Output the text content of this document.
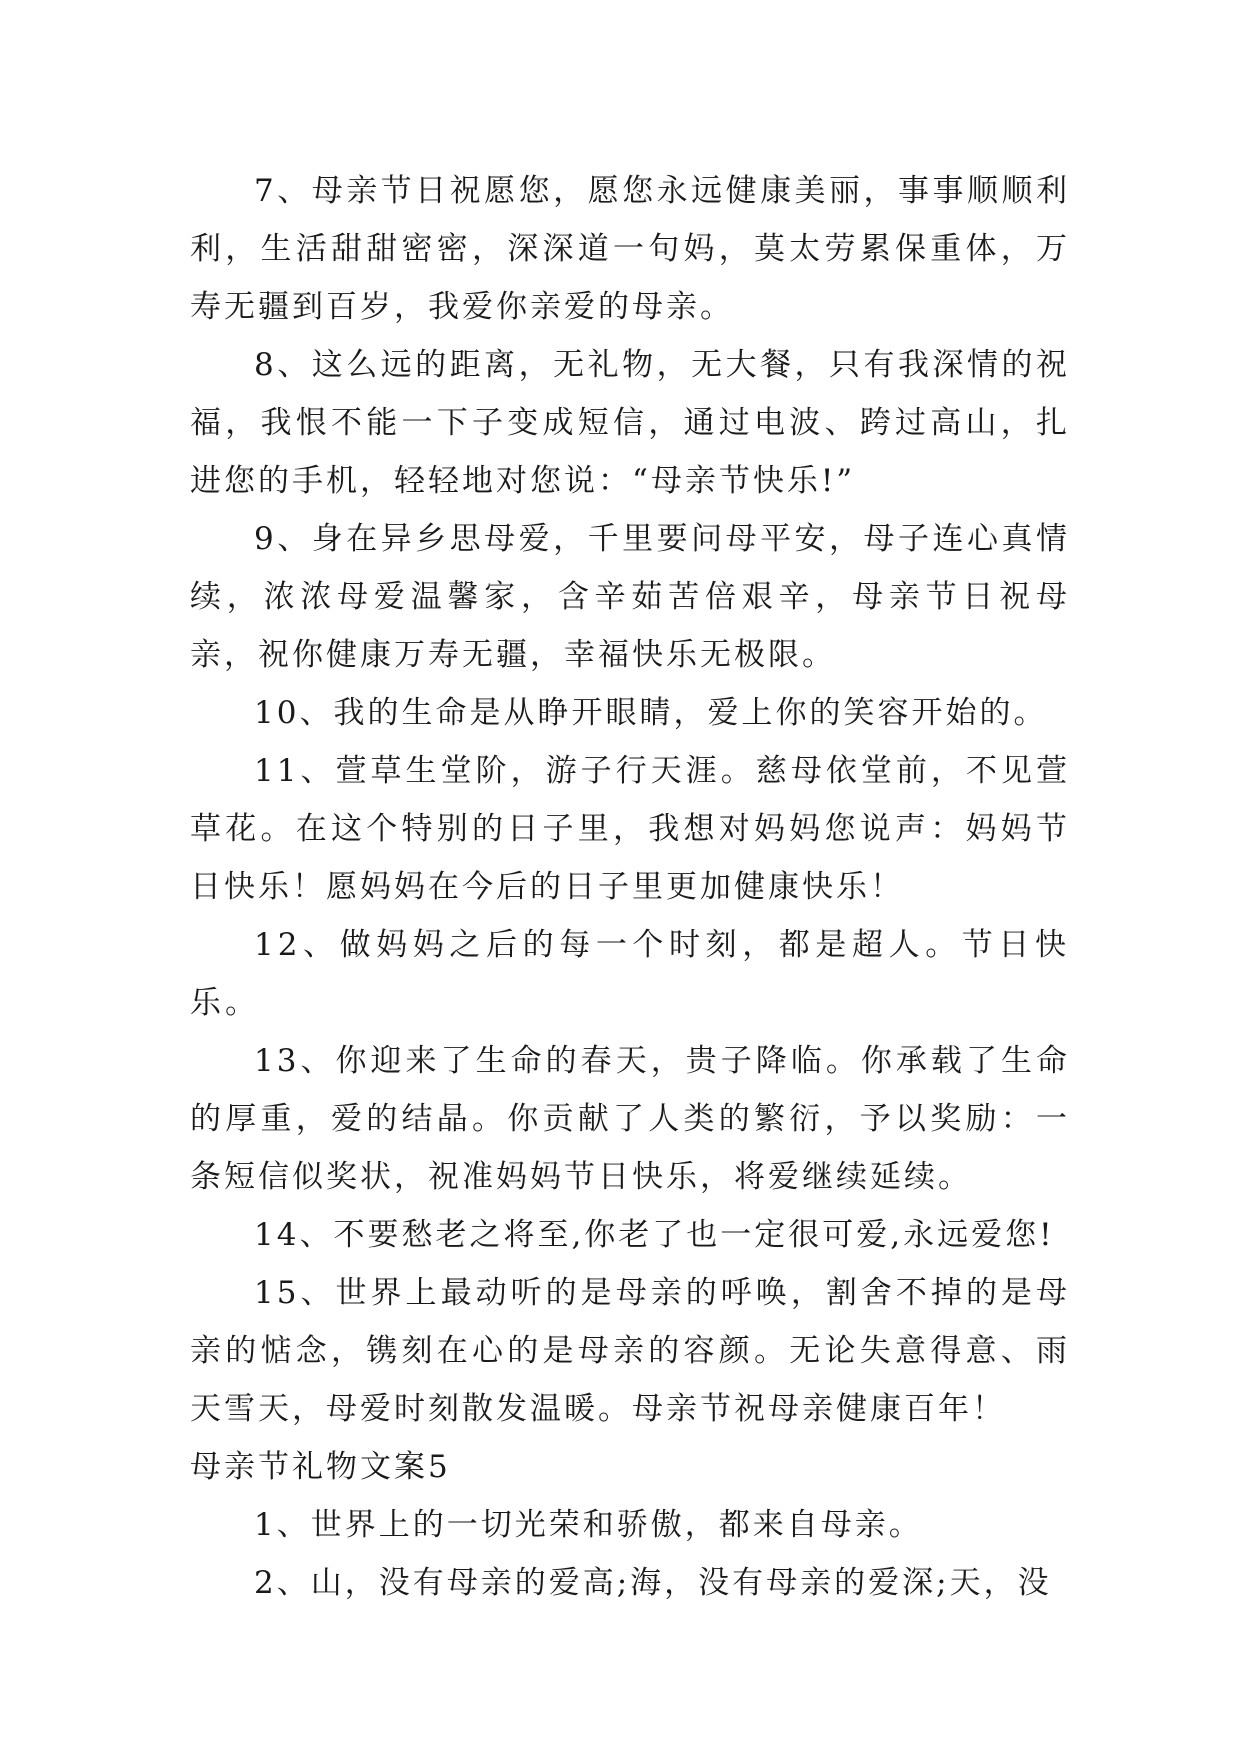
7、母亲节日祝愿您，愿您永远健康美丽，事事顺顺利利，生活甜甜密密，深深道一句妈，莫太劳累保重体，万寿无疆到百岁，我爱你亲爱的母亲。

8、这么远的距离，无礼物，无大餐，只有我深情的祝福，我恨不能一下子变成短信，通过电波、跨过高山，扎进您的手机，轻轻地对您说：“母亲节快乐!”

9、身在异乡思母爱，千里要问母平安，母子连心真情续，浓浓母爱温馨家，含辛茹苦倍艰辛，母亲节日祝母亲，祝你健康万寿无疆，幸福快乐无极限。

10、我的生命是从睁开眼睛，爱上你的笑容开始的。

11、萱草生堂阶，游子行天涯。慈母依堂前，不见萱草花。在这个特别的日子里，我想对妈妈您说声：妈妈节日快乐！愿妈妈在今后的日子里更加健康快乐！

12、做妈妈之后的每一个时刻，都是超人。节日快乐。

13、你迎来了生命的春天，贵子降临。你承载了生命的厚重，爱的结晶。你贡献了人类的繁衍，予以奖励：一条短信似奖状，祝准妈妈节日快乐，将爱继续延续。

14、不要愁老之将至,你老了也一定很可爱,永远爱您!

15、世界上最动听的是母亲的呼唤，割舍不掉的是母亲的惦念，镌刻在心的是母亲的容颜。无论失意得意、雨天雪天，母爱时刻散发温暖。母亲节祝母亲健康百年！

母亲节礼物文案5

1、世界上的一切光荣和骄傲，都来自母亲。

2、山，没有母亲的爱高;海，没有母亲的爱深;天，没
